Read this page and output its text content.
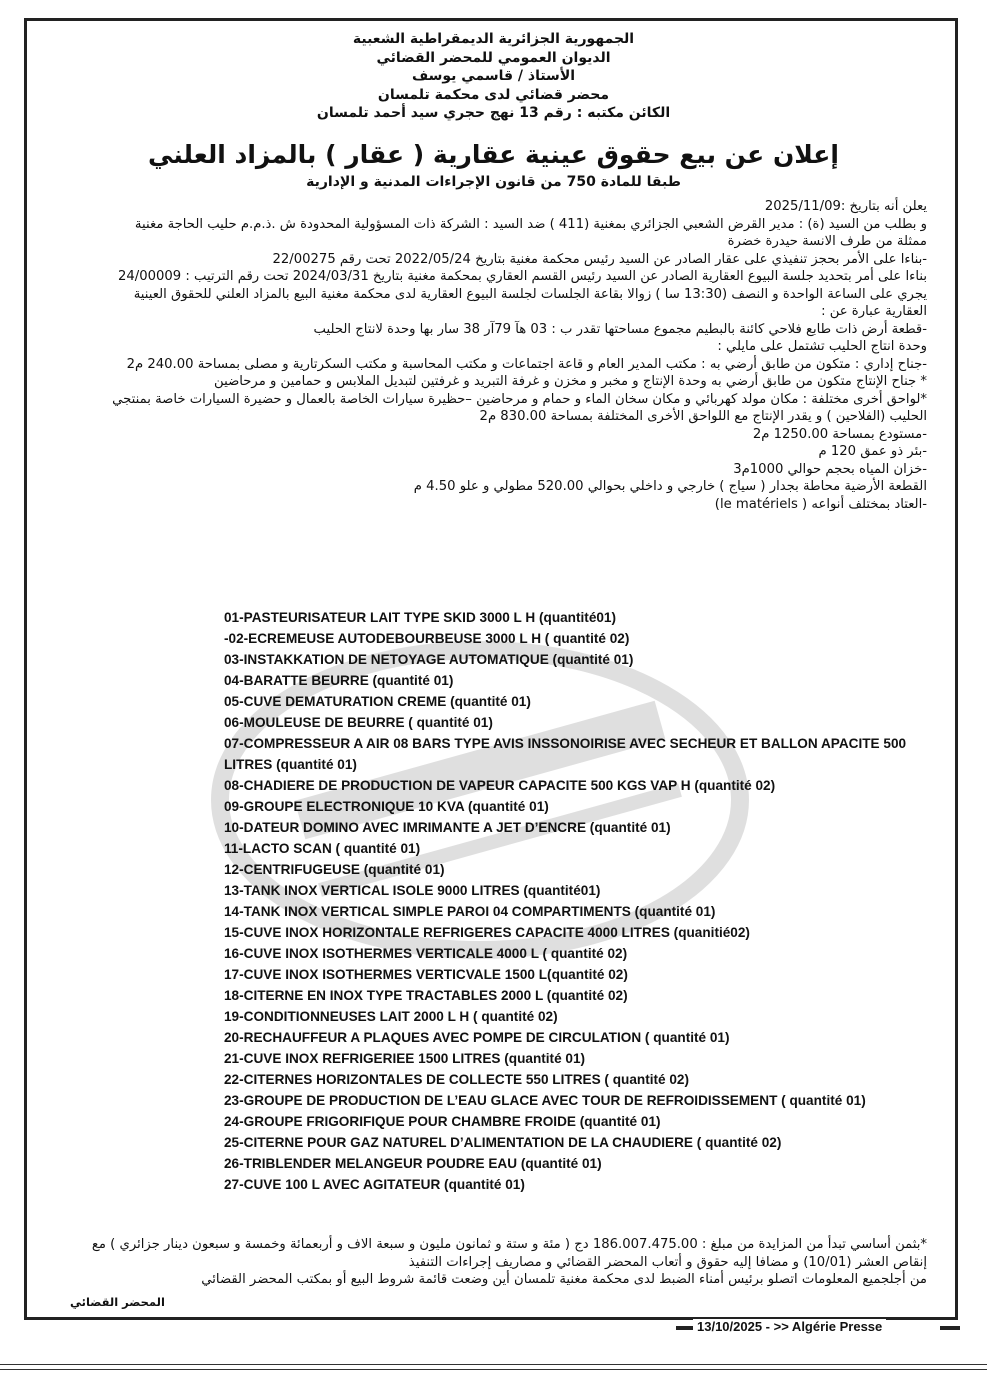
الجمهورية الجزائرية الديمقراطية الشعبية
الديوان العمومي للمحضر القضائي
الأستاذ / قاسمي يوسف
محضر قضائي لدى محكمة تلمسان
الكائن مكتبه : رقم 13 نهج حجري سيد أحمد تلمسان
إعلان عن بيع حقوق عينية عقارية ( عقار ) بالمزاد العلني
طبقا للمادة 750 من قانون الإجراءات المدنية و الإدارية

يعلن أنه بتاريخ :2025/11/09

و بطلب من السيد (ة) : مدير القرض الشعبي الجزائري بمغنية (411 ) ضد السيد : الشركة ذات المسؤولية المحدودة ش .ذ.م.م حليب الحاجة مغنية ممثلة من طرف الانسة حيدرة خضرة

-بناءا على الأمر بحجز تنفيذي على عقار الصادر عن السيد رئيس محكمة مغنية بتاريخ 2022/05/24 تحت رقم 22/00275

بناءا على أمر بتحديد جلسة البيوع العقارية الصادر عن السيد رئيس القسم العقاري بمحكمة مغنية بتاريخ 2024/03/31 تحت رقم الترتيب : 24/00009

يجري على الساعة الواحدة و النصف (13:30 سا ) زوالا بقاعة الجلسات لجلسة البيوع العقارية لدى محكمة مغنية البيع بالمزاد العلني للحقوق العينية العقارية عبارة عن :

-قطعة أرض ذات طابع فلاحي كائنة بالبطيم مجموع مساحتها تقدر ب : 03 هآ 79آر 38 سار بها وحدة لانتاج الحليب

وحدة انتاج الحليب تشتمل على مايلي :

-جناح إداري : متكون من طابق أرضي به : مكتب المدير العام و قاعة اجتماعات و مكتب المحاسبة و مكتب السكرتارية و مصلى بمساحة 240.00 م2

* جناح الإنتاج متكون من طابق أرضي به وحدة الإنتاج و مخبر و مخزن و غرفة التبريد و غرفتين لتبديل الملابس و حمامين و مرحاضين

*لواحق أخرى مختلفة : مكان مولد كهربائي و مكان سخان الماء و حمام و مرحاضين –حظيرة سيارات الخاصة بالعمال و حضيرة السيارات خاصة بمنتجي الحليب (الفلاحين ) و يقدر الإنتاج مع اللواحق الأخرى المختلفة بمساحة 830.00 م2

-مستودع بمساحة 1250.00 م2

-بئر ذو عمق 120 م

-خزان المياه بحجم حوالي 1000م3

القطعة الأرضية محاطة بجدار ( سياج ) خارجي و داخلي بحوالي 520.00 مطولي و علو 4.50 م

-العتاد بمختلف أنواعه ( le matériels)

01-PASTEURISATEUR LAIT TYPE SKID 3000 L H (quantité01)
-02-ECREMEUSE AUTODEBOURBEUSE 3000 L H ( quantité 02)
03-INSTAKKATION DE NETOYAGE AUTOMATIQUE (quantité 01)
04-BARATTE BEURRE (quantité 01)
05-CUVE DEMATURATION CREME (quantité 01)
06-MOULEUSE DE BEURRE ( quantité 01)
07-COMPRESSEUR A AIR 08 BARS TYPE AVIS INSSONOIRISE AVEC SECHEUR ET BALLON APACITE 500 LITRES (quantité 01)
08-CHADIERE DE PRODUCTION DE VAPEUR CAPACITE 500 KGS VAP H (quantité 02)
09-GROUPE ELECTRONIQUE 10 KVA (quantité 01)
10-DATEUR DOMINO AVEC IMRIMANTE A JET D’ENCRE (quantité 01)
11-LACTO SCAN ( quantité 01)
12-CENTRIFUGEUSE (quantité 01)
13-TANK INOX VERTICAL ISOLE 9000 LITRES (quantité01)
14-TANK INOX VERTICAL SIMPLE PAROI 04 COMPARTIMENTS (quantité 01)
15-CUVE INOX HORIZONTALE REFRIGERES CAPACITE 4000 LITRES (quanitié02)
16-CUVE INOX ISOTHERMES VERTICALE 4000 L ( quantité 02)
17-CUVE INOX ISOTHERMES VERTICVALE 1500 L(quantité 02)
18-CITERNE EN INOX TYPE TRACTABLES 2000 L (quantité 02)
19-CONDITIONNEUSES LAIT 2000 L H ( quantité 02)
20-RECHAUFFEUR A PLAQUES AVEC POMPE DE CIRCULATION ( quantité 01)
21-CUVE INOX REFRIGERIEE 1500 LITRES (quantité 01)
22-CITERNES HORIZONTALES DE COLLECTE 550 LITRES ( quantité 02)
23-GROUPE DE PRODUCTION DE L’EAU GLACE AVEC TOUR DE REFROIDISSEMENT ( quantité 01)
24-GROUPE FRIGORIFIQUE POUR CHAMBRE FROIDE (quantité 01)
25-CITERNE POUR GAZ NATUREL D’ALIMENTATION DE LA CHAUDIERE ( quantité 02)
26-TRIBLENDER MELANGEUR POUDRE EAU (quantité 01)
27-CUVE 100 L AVEC AGITATEUR (quantité 01)

*بثمن أساسي تبدأ من المزايدة من مبلغ : 186.007.475.00 دج ( مئة و ستة و ثمانون مليون و سبعة الاف و أربعمائة وخمسة و سبعون دينار جزائري ) مع إنقاص العشر (10/01) و مضافا إليه حقوق و أتعاب المحضر القضائي و مصاريف إجراءات التنفيذ

من أجلجميع المعلومات اتصلو برئيس أمناء الضبط لدى محكمة مغنية تلمسان أين وضعت قائمة شروط البيع أو بمكتب المحضر القضائي

المحضر القضائي
13/10/2025 - >> Algérie Presse
